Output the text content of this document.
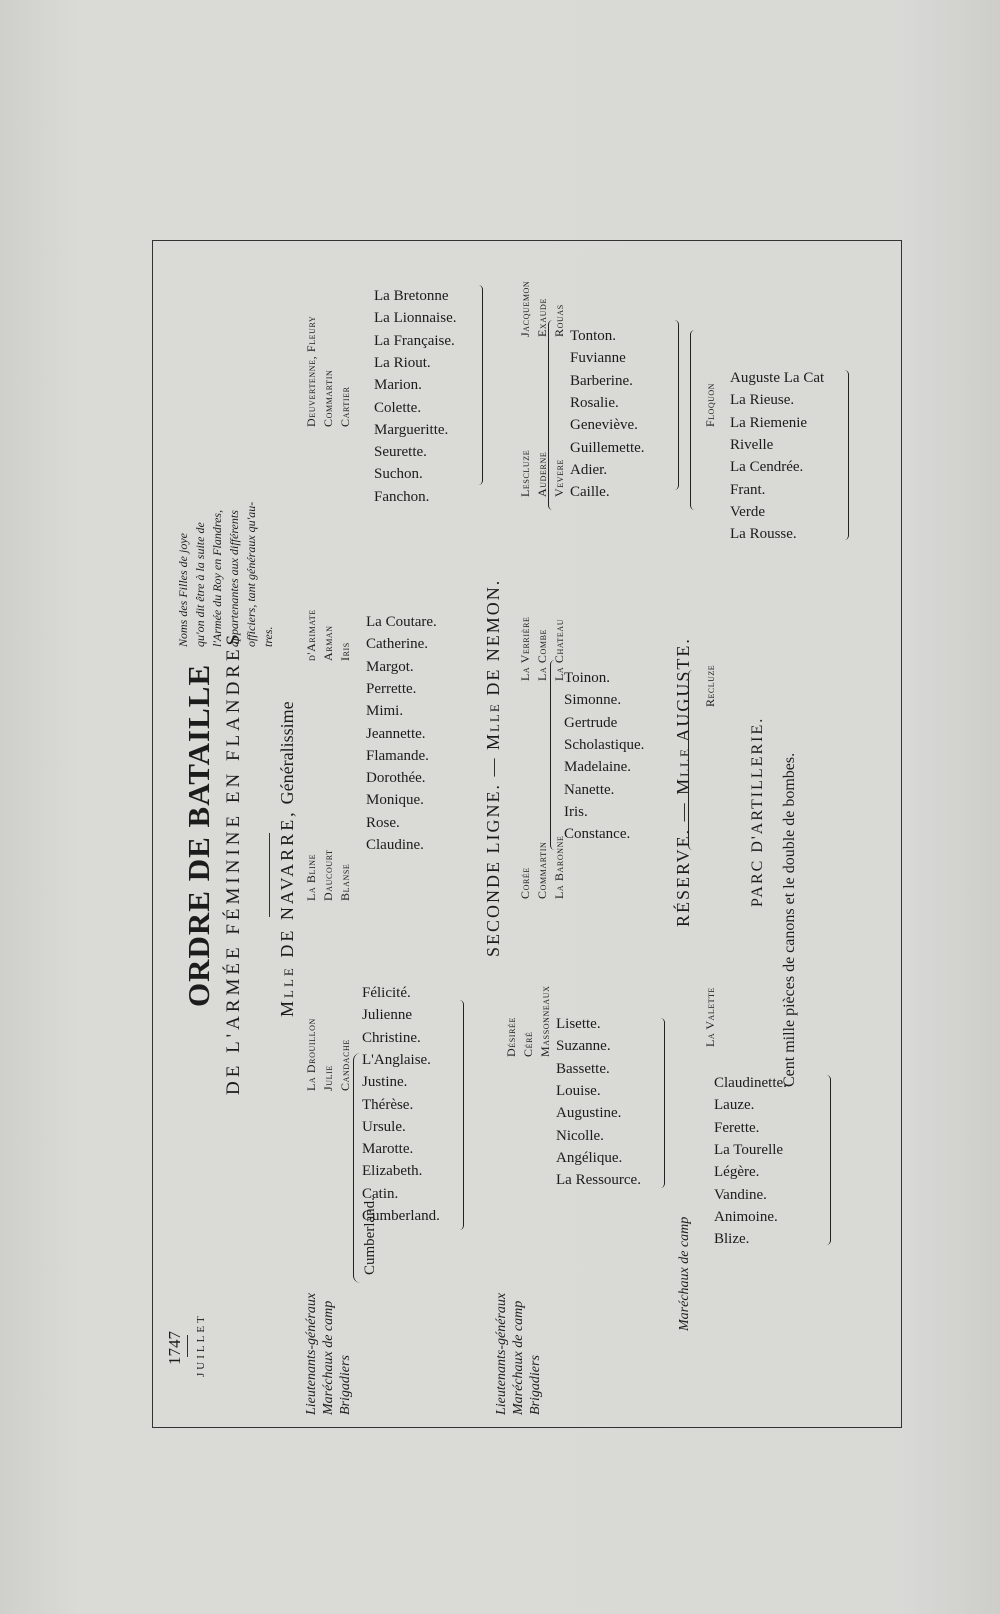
1747 JUILLET
ORDRE DE BATAILLE DE L'ARMÉE FÉMININE EN FLANDRES
Noms des Filles de joye qu'on dit être à la suite de l'Armée du Roy en Flandres, appartenantes aux différents officiers, tant généraux qu'au- tres.
Mlle DE NAVARRE, Généralissime
Lieutenants-généraux Maréchaux de camp Brigadiers
La Drouillon Julie Candache
La Bline Daucourt Blanse
d'Arimate Arman Iris
Deuvertenne, Fleury Commartin Cartier
Cumberland.
SECONDE LIGNE. — Mlle DE NEMON.
Lieutenants-généraux Maréchaux de camp Brigadiers
Désirée Céré Massonneaux
Corée Commartin La Baronne
La Verrière La Combe La Chateau
Lescluze Auderne Vevere
Jacquemon Exaude Rouas
RÉSERVE. — Mlle AUGUSTE.
Maréchaux de camp
La Valette
Recluze
Floquon
PARC D'ARTILLERIE. Cent mille pièces de canons et le double de bombes.
Félicité.
Julienne
Christine.
L'Anglaise.
Justine.
Thérèse.
Ursule.
Marotte.
Elizabeth.
Catin.
Cumberland.
La Coutare.
Catherine.
Margot.
Perrette.
Mimi.
Jeannette.
Flamande.
Dorothée.
Monique.
Rose.
Claudine.
La Bretonne
La Lionnaise.
La Française.
La Riout.
Marion.
Colette.
Margueritte.
Seurette.
Suchon.
Fanchon.
Lisette.
Suzanne.
Bassette.
Louise.
Augustine.
Nicolle.
Angélique.
La Ressource.
Toinon.
Simonne.
Gertrude
Scholastique.
Madelaine.
Nanette.
Iris.
Constance.
Tonton.
Fuvianne
Barberine.
Rosalie.
Geneviève.
Guillemette.
Adier.
Caille.
Claudinette.
Lauze.
Ferette.
La Tourelle
Légère.
Vandine.
Animoine.
Blize.
Auguste La Cat
La Rieuse.
La Riemenie
Rivelle
La Cendrée.
Frant.
Verde
La Rousse.
